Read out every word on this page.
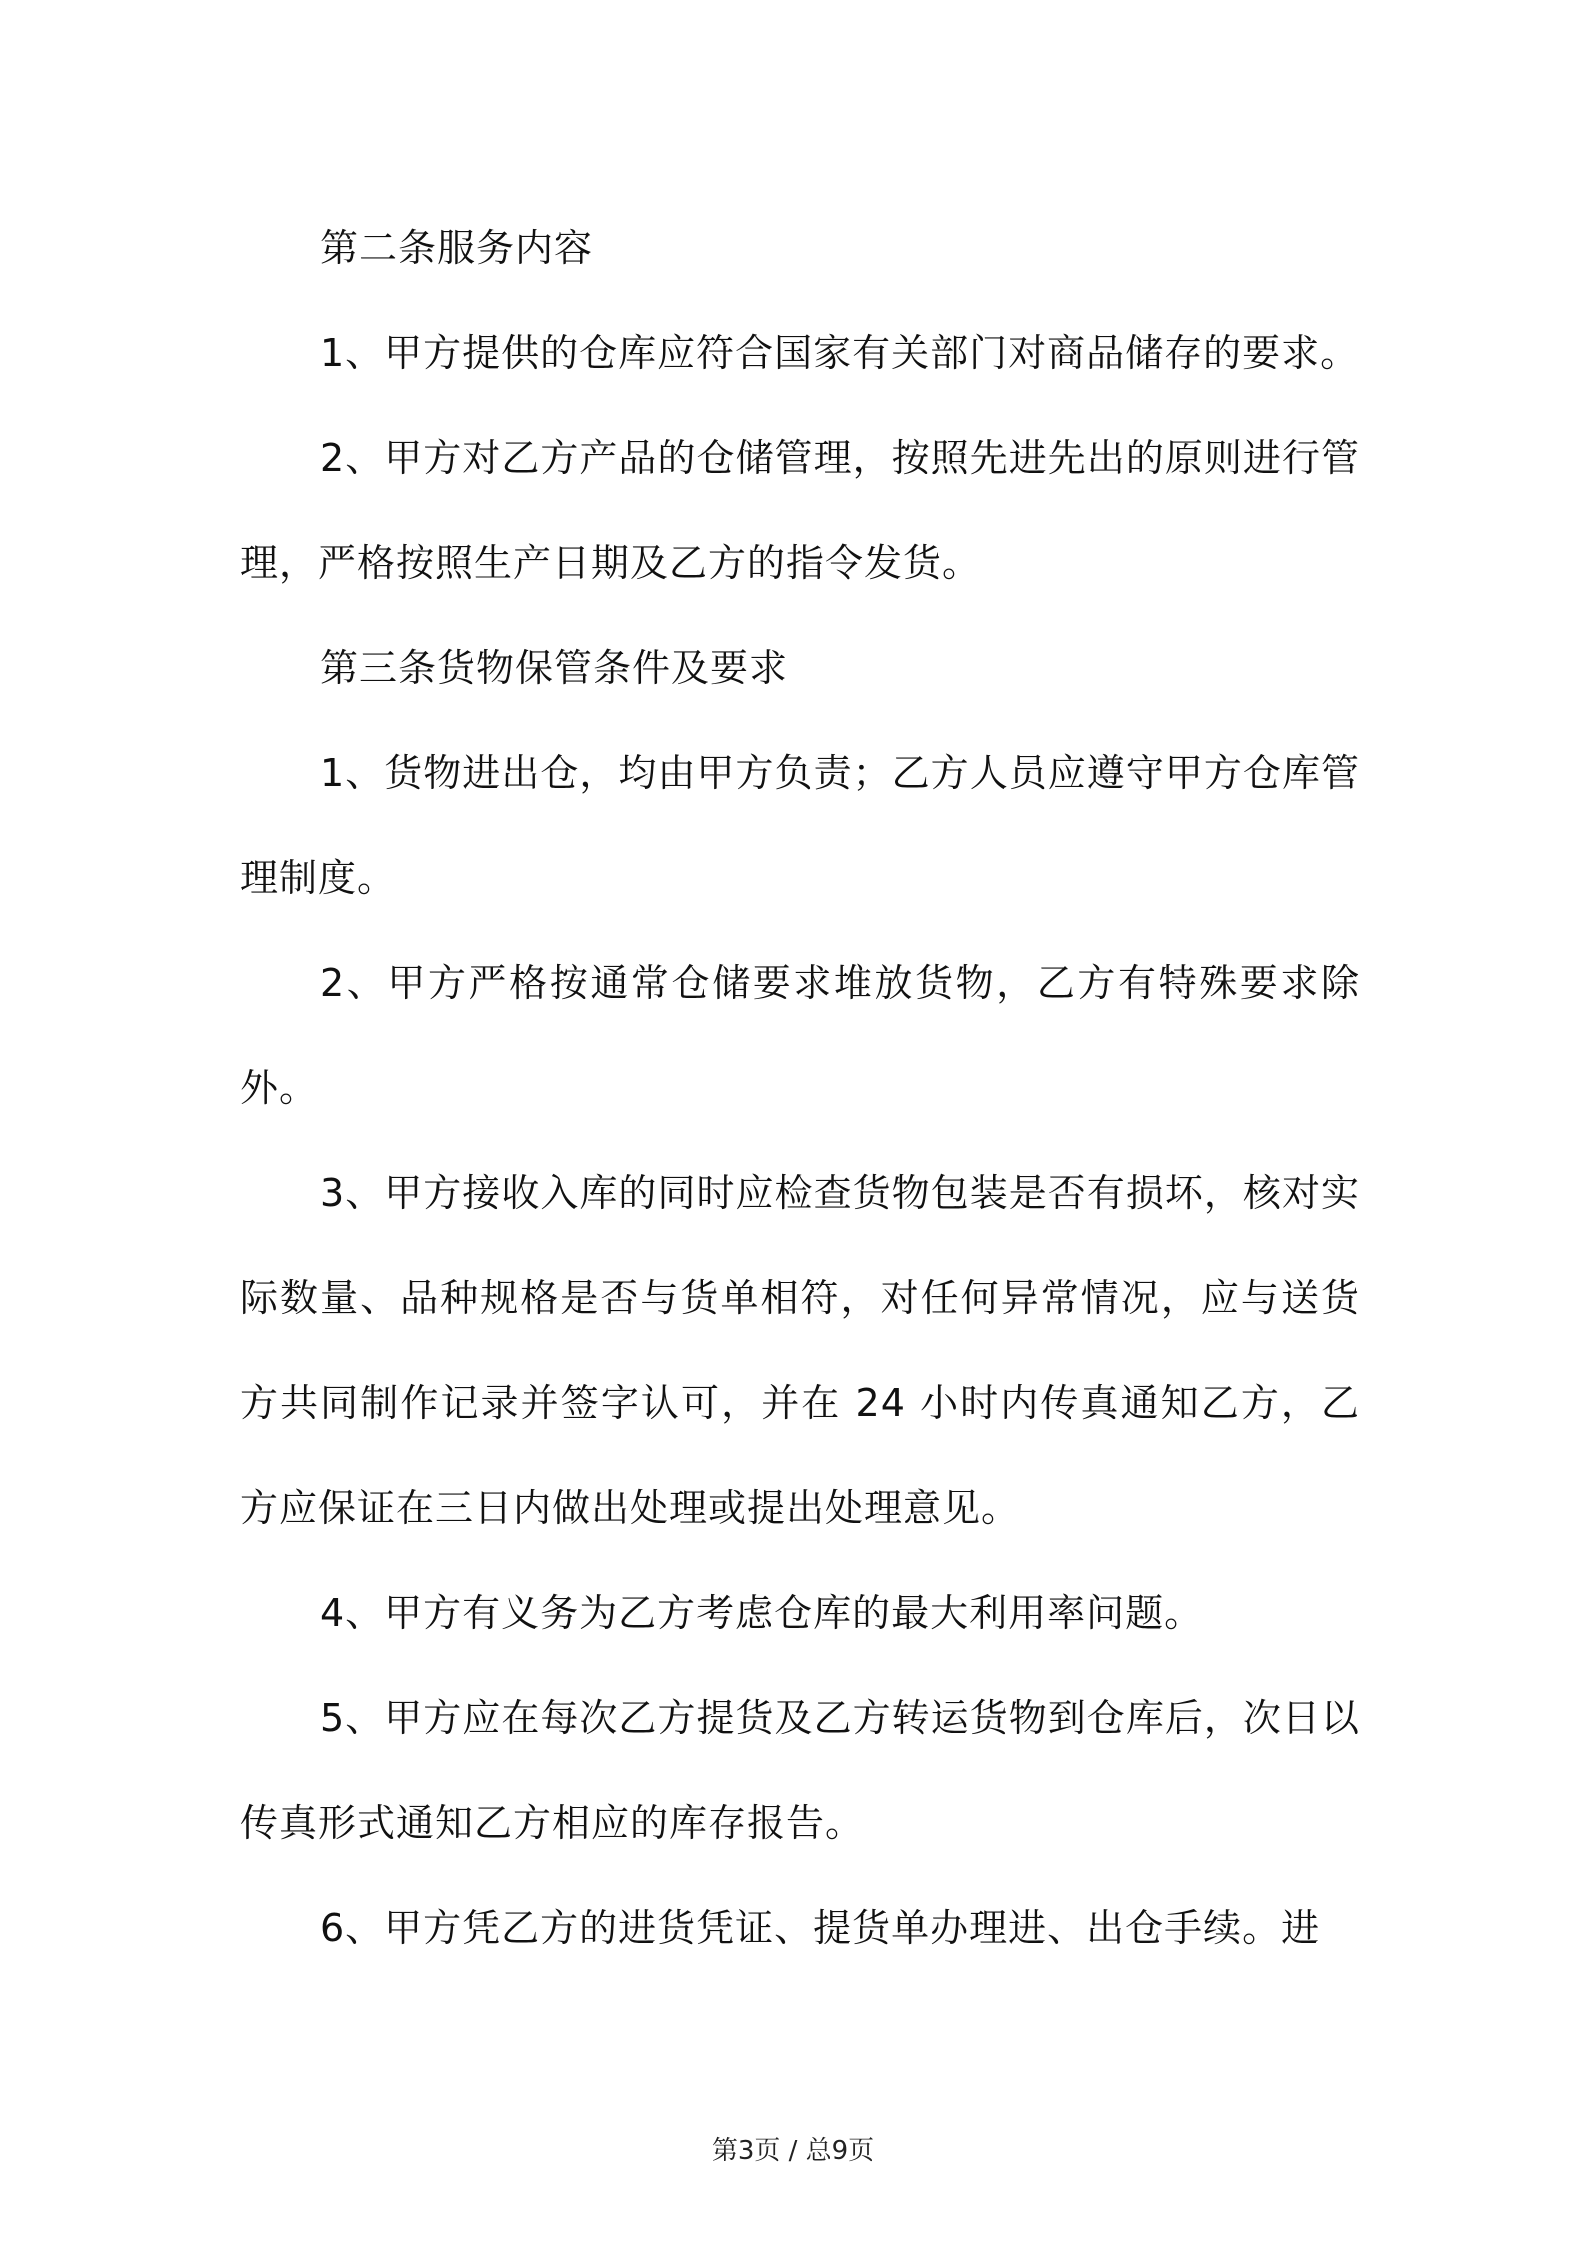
第二条服务内容

1、甲方提供的仓库应符合国家有关部门对商品储存的要求。

2、甲方对乙方产品的仓储管理，按照先进先出的原则进行管理，严格按照生产日期及乙方的指令发货。

第三条货物保管条件及要求

1、货物进出仓，均由甲方负责；乙方人员应遵守甲方仓库管理制度。

2、甲方严格按通常仓储要求堆放货物，乙方有特殊要求除外。

3、甲方接收入库的同时应检查货物包装是否有损坏，核对实际数量、品种规格是否与货单相符，对任何异常情况，应与送货方共同制作记录并签字认可，并在 24 小时内传真通知乙方，乙方应保证在三日内做出处理或提出处理意见。

4、甲方有义务为乙方考虑仓库的最大利用率问题。

5、甲方应在每次乙方提货及乙方转运货物到仓库后，次日以传真形式通知乙方相应的库存报告。

6、甲方凭乙方的进货凭证、提货单办理进、出仓手续。进

第3页 / 总9页
